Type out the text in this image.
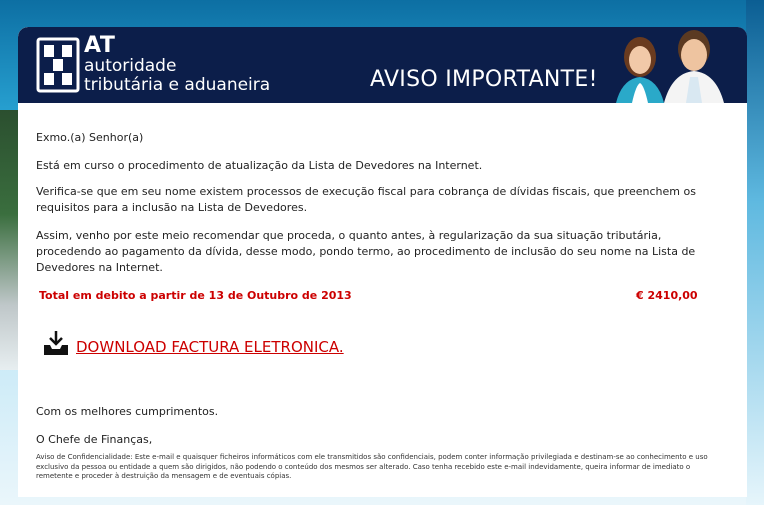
AT
autoridade
tributária e aduaneira	AVISO IMPORTANTE!

Exmo.(a) Senhor(a)

Está em curso o procedimento de atualização da Lista de Devedores na Internet.

Verifica-se que em seu nome existem processos de execução fiscal para cobrança de dívidas fiscais, que preenchem os requisitos para a inclusão na Lista de Devedores.

Assim, venho por este meio recomendar que proceda, o quanto antes, à regularização da sua situação tributária, procedendo ao pagamento da dívida, desse modo, pondo termo, ao procedimento de inclusão do seu nome na Lista de Devedores na Internet.

Total em debito a partir de 13 de Outubro de 2013	€ 2410,00
DOWNLOAD FACTURA ELETRONICA.
Com os melhores cumprimentos.
O Chefe de Finanças,
Aviso de Confidencialidade: Este e-mail e quaisquer ficheiros informáticos com ele transmitidos são confidenciais, podem conter informação privilegiada e destinam-se ao conhecimento e uso exclusivo da pessoa ou entidade a quem são dirigidos, não podendo o conteúdo dos mesmos ser alterado. Caso tenha recebido este e-mail indevidamente, queira informar de imediato o remetente e proceder à destruição da mensagem e de eventuais cópias.
